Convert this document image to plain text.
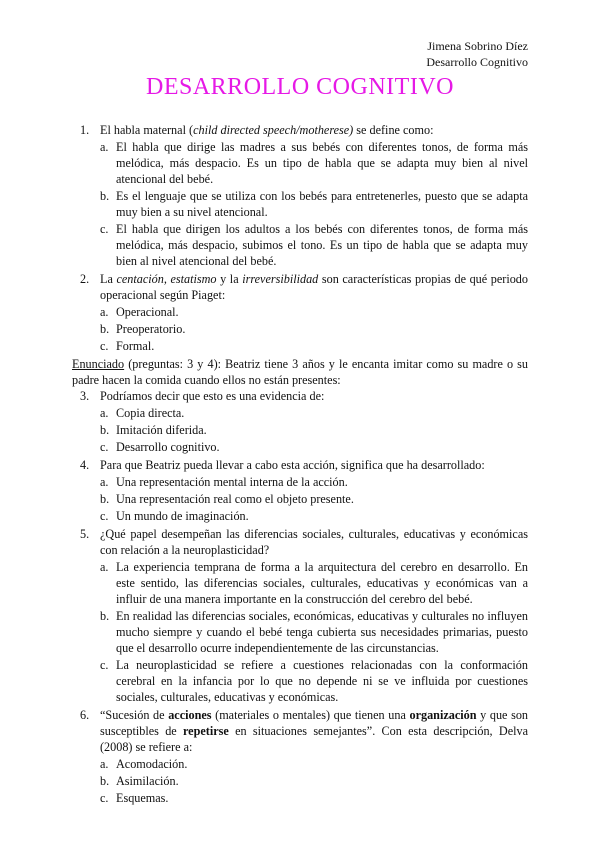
Jimena Sobrino Díez
Desarrollo Cognitivo
DESARROLLO COGNITIVO

1. El habla maternal (child directed speech/motherese) se define como:

a. El habla que dirige las madres a sus bebés con diferentes tonos, de forma más melódica, más despacio. Es un tipo de habla que se adapta muy bien al nivel atencional del bebé.
b. Es el lenguaje que se utiliza con los bebés para entretenerles, puesto que se adapta muy bien a su nivel atencional.
c. El habla que dirigen los adultos a los bebés con diferentes tonos, de forma más melódica, más despacio, subimos el tono. Es un tipo de habla que se adapta muy bien al nivel atencional del bebé.

2. La centación, estatismo y la irreversibilidad son características propias de qué periodo operacional según Piaget:

a. Operacional.
b. Preoperatorio.
c. Formal.

Enunciado (preguntas: 3 y 4): Beatriz tiene 3 años y le encanta imitar como su madre o su padre hacen la comida cuando ellos no están presentes:

3. Podríamos decir que esto es una evidencia de:

a. Copia directa.
b. Imitación diferida.
c. Desarrollo cognitivo.

4. Para que Beatriz pueda llevar a cabo esta acción, significa que ha desarrollado:

a. Una representación mental interna de la acción.
b. Una representación real como el objeto presente.
c. Un mundo de imaginación.

5. ¿Qué papel desempeñan las diferencias sociales, culturales, educativas y económicas con relación a la neuroplasticidad?

a. La experiencia temprana de forma a la arquitectura del cerebro en desarrollo. En este sentido, las diferencias sociales, culturales, educativas y económicas van a influir de una manera importante en la construcción del cerebro del bebé.
b. En realidad las diferencias sociales, económicas, educativas y culturales no influyen mucho siempre y cuando el bebé tenga cubierta sus necesidades primarias, puesto que el desarrollo ocurre independientemente de las circunstancias.
c. La neuroplasticidad se refiere a cuestiones relacionadas con la conformación cerebral en la infancia por lo que no depende ni se ve influida por cuestiones sociales, culturales, educativas y económicas.

6. “Sucesión de acciones (materiales o mentales) que tienen una organización y que son susceptibles de repetirse en situaciones semejantes”. Con esta descripción, Delva (2008) se refiere a:

a. Acomodación.
b. Asimilación.
c. Esquemas.
